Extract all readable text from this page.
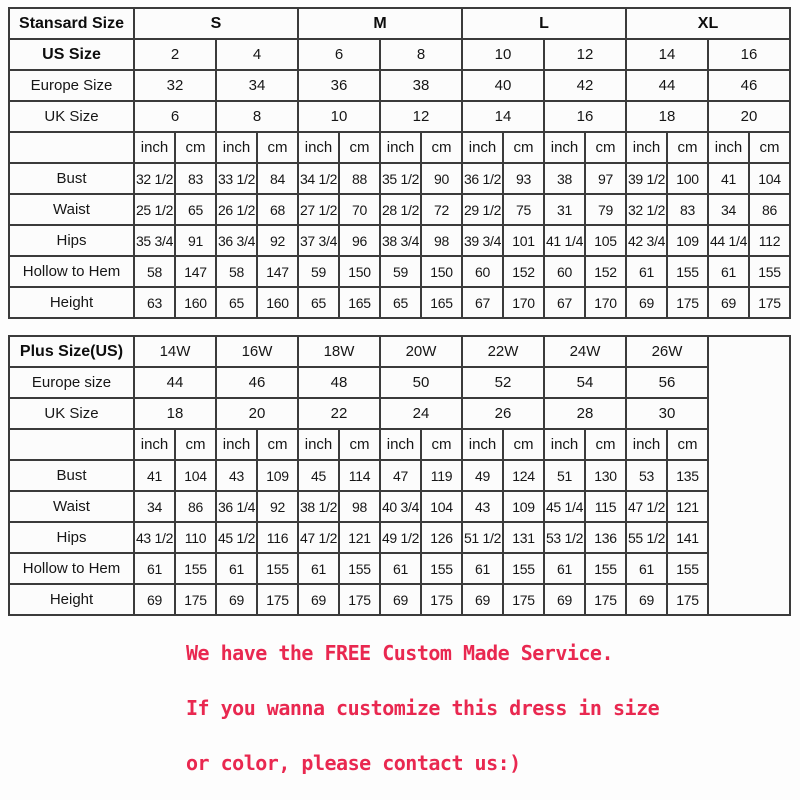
Stansard Size	S				M				L				XL			
US Size	2		4		6		8		10		12		14		16	
Europe Size	32		34		36		38		40		42		44		46	
UK Size	6		8		10		12		14		16		18		20	
	inch	cm	inch	cm	inch	cm	inch	cm	inch	cm	inch	cm	inch	cm	inch	cm
Bust	32 1/2	83	33 1/2	84	34 1/2	88	35 1/2	90	36 1/2	93	38	97	39 1/2	100	41	104
Waist	25 1/2	65	26 1/2	68	27 1/2	70	28 1/2	72	29 1/2	75	31	79	32 1/2	83	34	86
Hips	35 3/4	91	36 3/4	92	37 3/4	96	38 3/4	98	39 3/4	101	41 1/4	105	42 3/4	109	44 1/4	112
Hollow to Hem	58	147	58	147	59	150	59	150	60	152	60	152	61	155	61	155
Height	63	160	65	160	65	165	65	165	67	170	67	170	69	175	69	175
Plus Size(US)	14W		16W		18W		20W		22W		24W		26W		
Europe size	44		46		48		50		52		54		56		
UK Size	18		20		22		24		26		28		30		
	inch	cm	inch	cm	inch	cm	inch	cm	inch	cm	inch	cm	inch	cm	
Bust	41	104	43	109	45	114	47	119	49	124	51	130	53	135	
Waist	34	86	36 1/4	92	38 1/2	98	40 3/4	104	43	109	45 1/4	115	47 1/2	121	
Hips	43 1/2	110	45 1/2	116	47 1/2	121	49 1/2	126	51 1/2	131	53 1/2	136	55 1/2	141	
Hollow to Hem	61	155	61	155	61	155	61	155	61	155	61	155	61	155	
Height	69	175	69	175	69	175	69	175	69	175	69	175	69	175	
We have the FREE Custom Made Service.
If you wanna customize this dress in size
or color, please contact us:)
